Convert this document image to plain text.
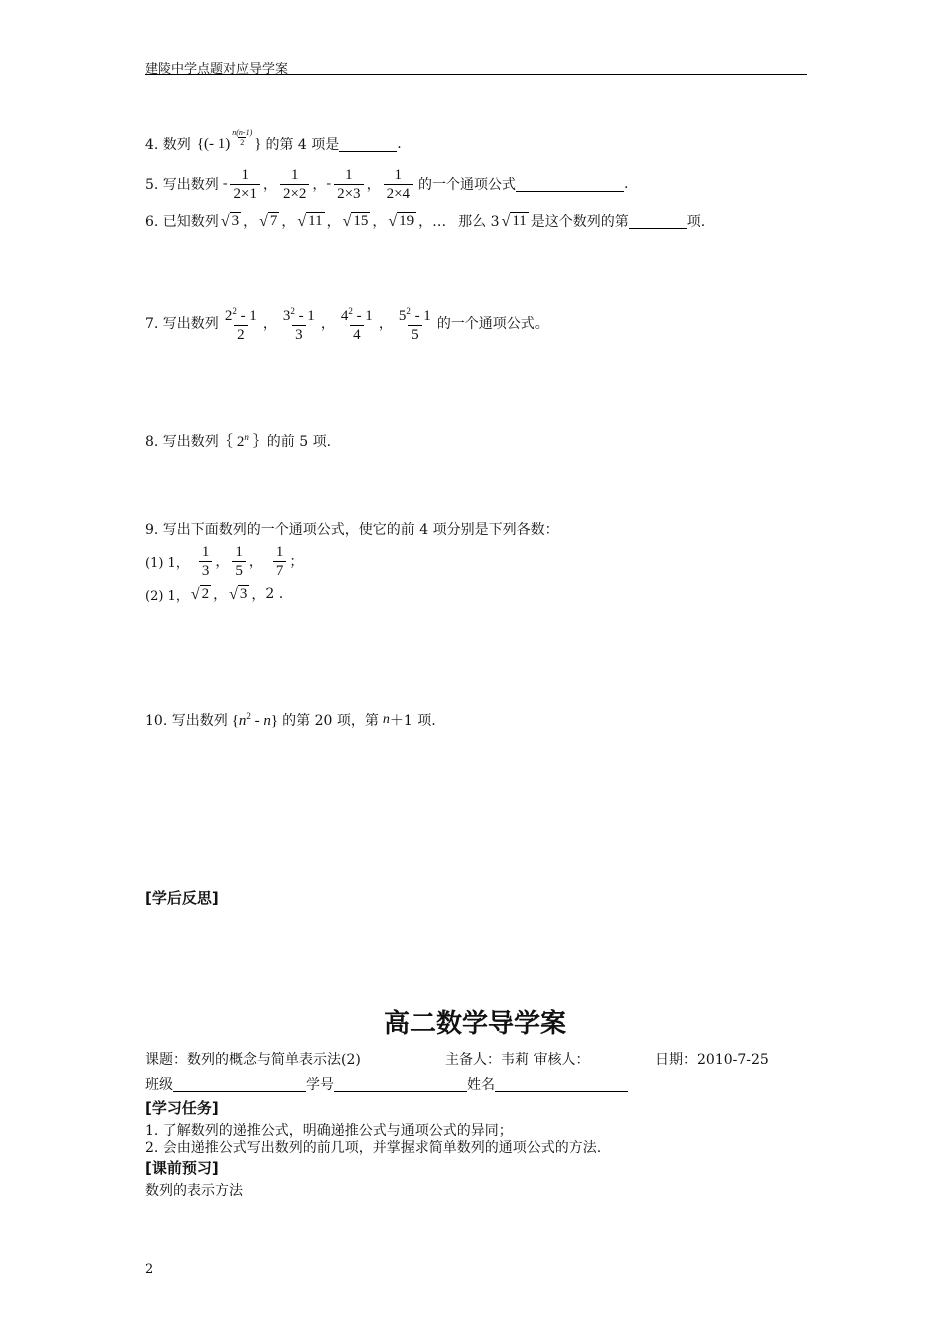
建陵中学点题对应导学案
4. 数列 { (- $1) \frac{n(n-1)}{2}$ } 的第 4 项是	.
5. 写出数列 - $\frac{1}{2\times 1}$ ， $\frac{1}{2\times 2}$ ， - $\frac{1}{2\times 3}$ ， $\frac{1}{2\times 4}$ 的一个通项公式	.
6. 已知数列 √ 3 ， √ 7 ， √ 11 ， √ 15 ， √ 19 ，… 那么 3 √ 11 是这个数列的第	项.
7. 写出数列 $\frac{2^2 - 1}{2}$ ， $\frac{3^2 - 1}{3}$ ， $\frac{4^2 - 1}{4}$ ， $\frac{5^2 - 1}{5}$ 的一个通项公式。
8. 写出数列｛ 2$^n$ ｝的前 5 项.
9. 写出下面数列的一个通项公式，使它的前 4 项分别是下列各数：
(1) 1， $\frac{1}{3}$ ， $\frac{1}{5}$ ， $\frac{1}{7}$ ；
(2) 1， √ 2 ， √ 3 ， 2 .
10. 写出数列 $\{n^2 - n\}$ 的第 20 项，第 n ＋1 项.
[学后反思]
高二数学导学案
课题：数列的概念与简单表示法(2)	主备人：韦莉 审核人：	日期：2010-7-25
班级	学号	姓名
[学习任务]
1. 了解数列的递推公式，明确递推公式与通项公式的异同；
2. 会由递推公式写出数列的前几项，并掌握求简单数列的通项公式的方法.
[课前预习]
数列的表示方法
2
